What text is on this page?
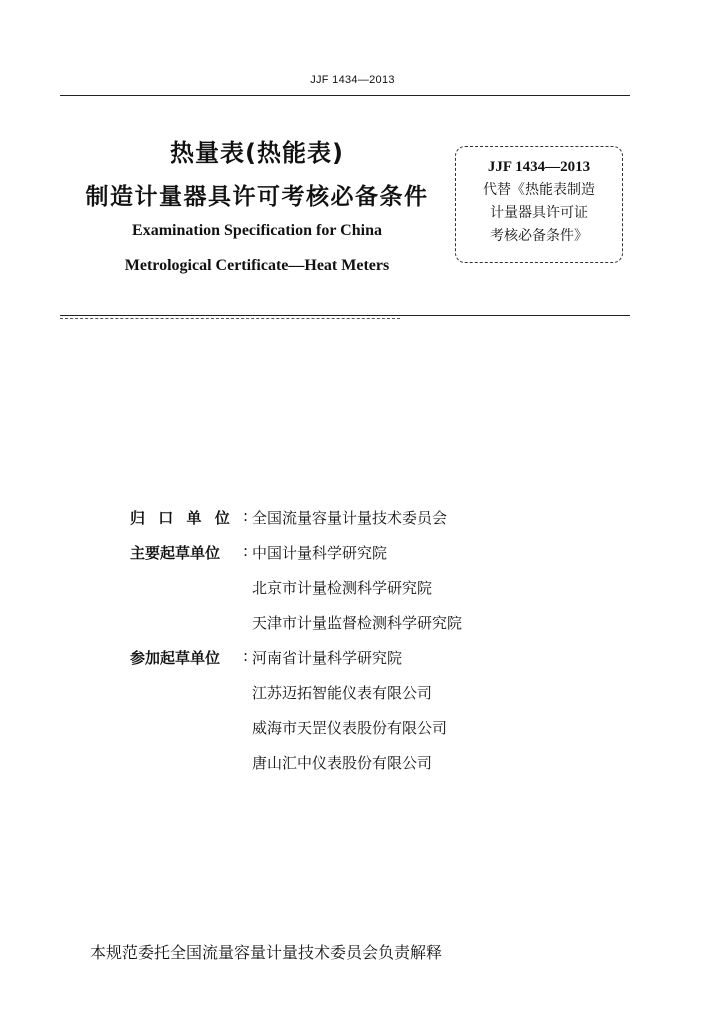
JJF 1434—2013
热量表(热能表)
制造计量器具许可考核必备条件
Examination Specification for China
Metrological Certificate—Heat Meters
JJF 1434—2013
代替《热能表制造
计量器具许可证
考核必备条件》
归 口 单 位 : 全国流量容量计量技术委员会
主要起草单位 : 中国计量科学研究院
北京市计量检测科学研究院
天津市计量监督检测科学研究院
参加起草单位 : 河南省计量科学研究院
江苏迈拓智能仪表有限公司
威海市天罡仪表股份有限公司
唐山汇中仪表股份有限公司
本规范委托全国流量容量计量技术委员会负责解释
